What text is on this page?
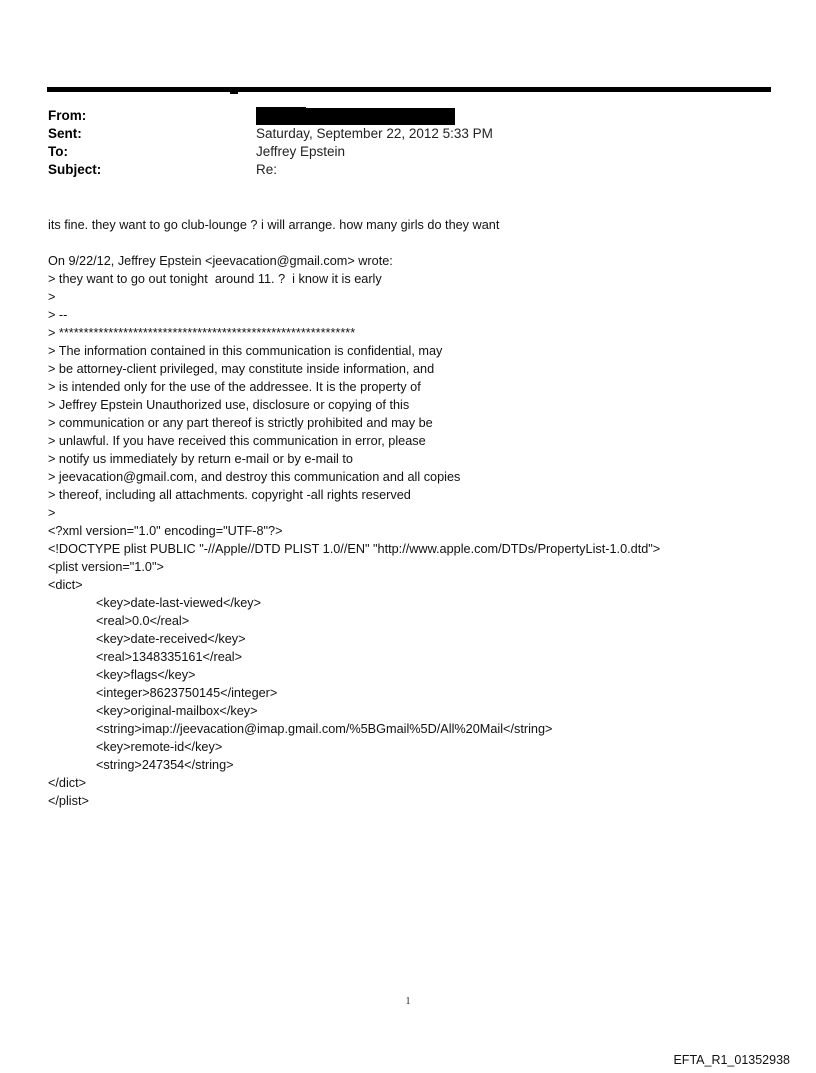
From:
Sent:	Saturday, September 22, 2012 5:33 PM
To:	Jeffrey Epstein
Subject:	Re:
its fine. they want to go club-lounge ? i will arrange. how many girls do they want
On 9/22/12, Jeffrey Epstein <jeevacation@gmail.com> wrote:
> they want to go out tonight  around 11. ?  i know it is early
>
> --
> ************************************************************
> The information contained in this communication is confidential, may
> be attorney-client privileged, may constitute inside information, and
> is intended only for the use of the addressee. It is the property of
> Jeffrey Epstein Unauthorized use, disclosure or copying of this
> communication or any part thereof is strictly prohibited and may be
> unlawful. If you have received this communication in error, please
> notify us immediately by return e-mail or by e-mail to
> jeevacation@gmail.com, and destroy this communication and all copies
> thereof, including all attachments. copyright -all rights reserved
>
<?xml version="1.0" encoding="UTF-8"?>
<!DOCTYPE plist PUBLIC "-//Apple//DTD PLIST 1.0//EN" "http://www.apple.com/DTDs/PropertyList-1.0.dtd">
<plist version="1.0">
<dict>
<key>date-last-viewed</key>
<real>0.0</real>
<key>date-received</key>
<real>1348335161</real>
<key>flags</key>
<integer>8623750145</integer>
<key>original-mailbox</key>
<string>imap://jeevacation@imap.gmail.com/%5BGmail%5D/All%20Mail</string>
<key>remote-id</key>
<string>247354</string>
</dict>
</plist>
1
EFTA_R1_01352938
